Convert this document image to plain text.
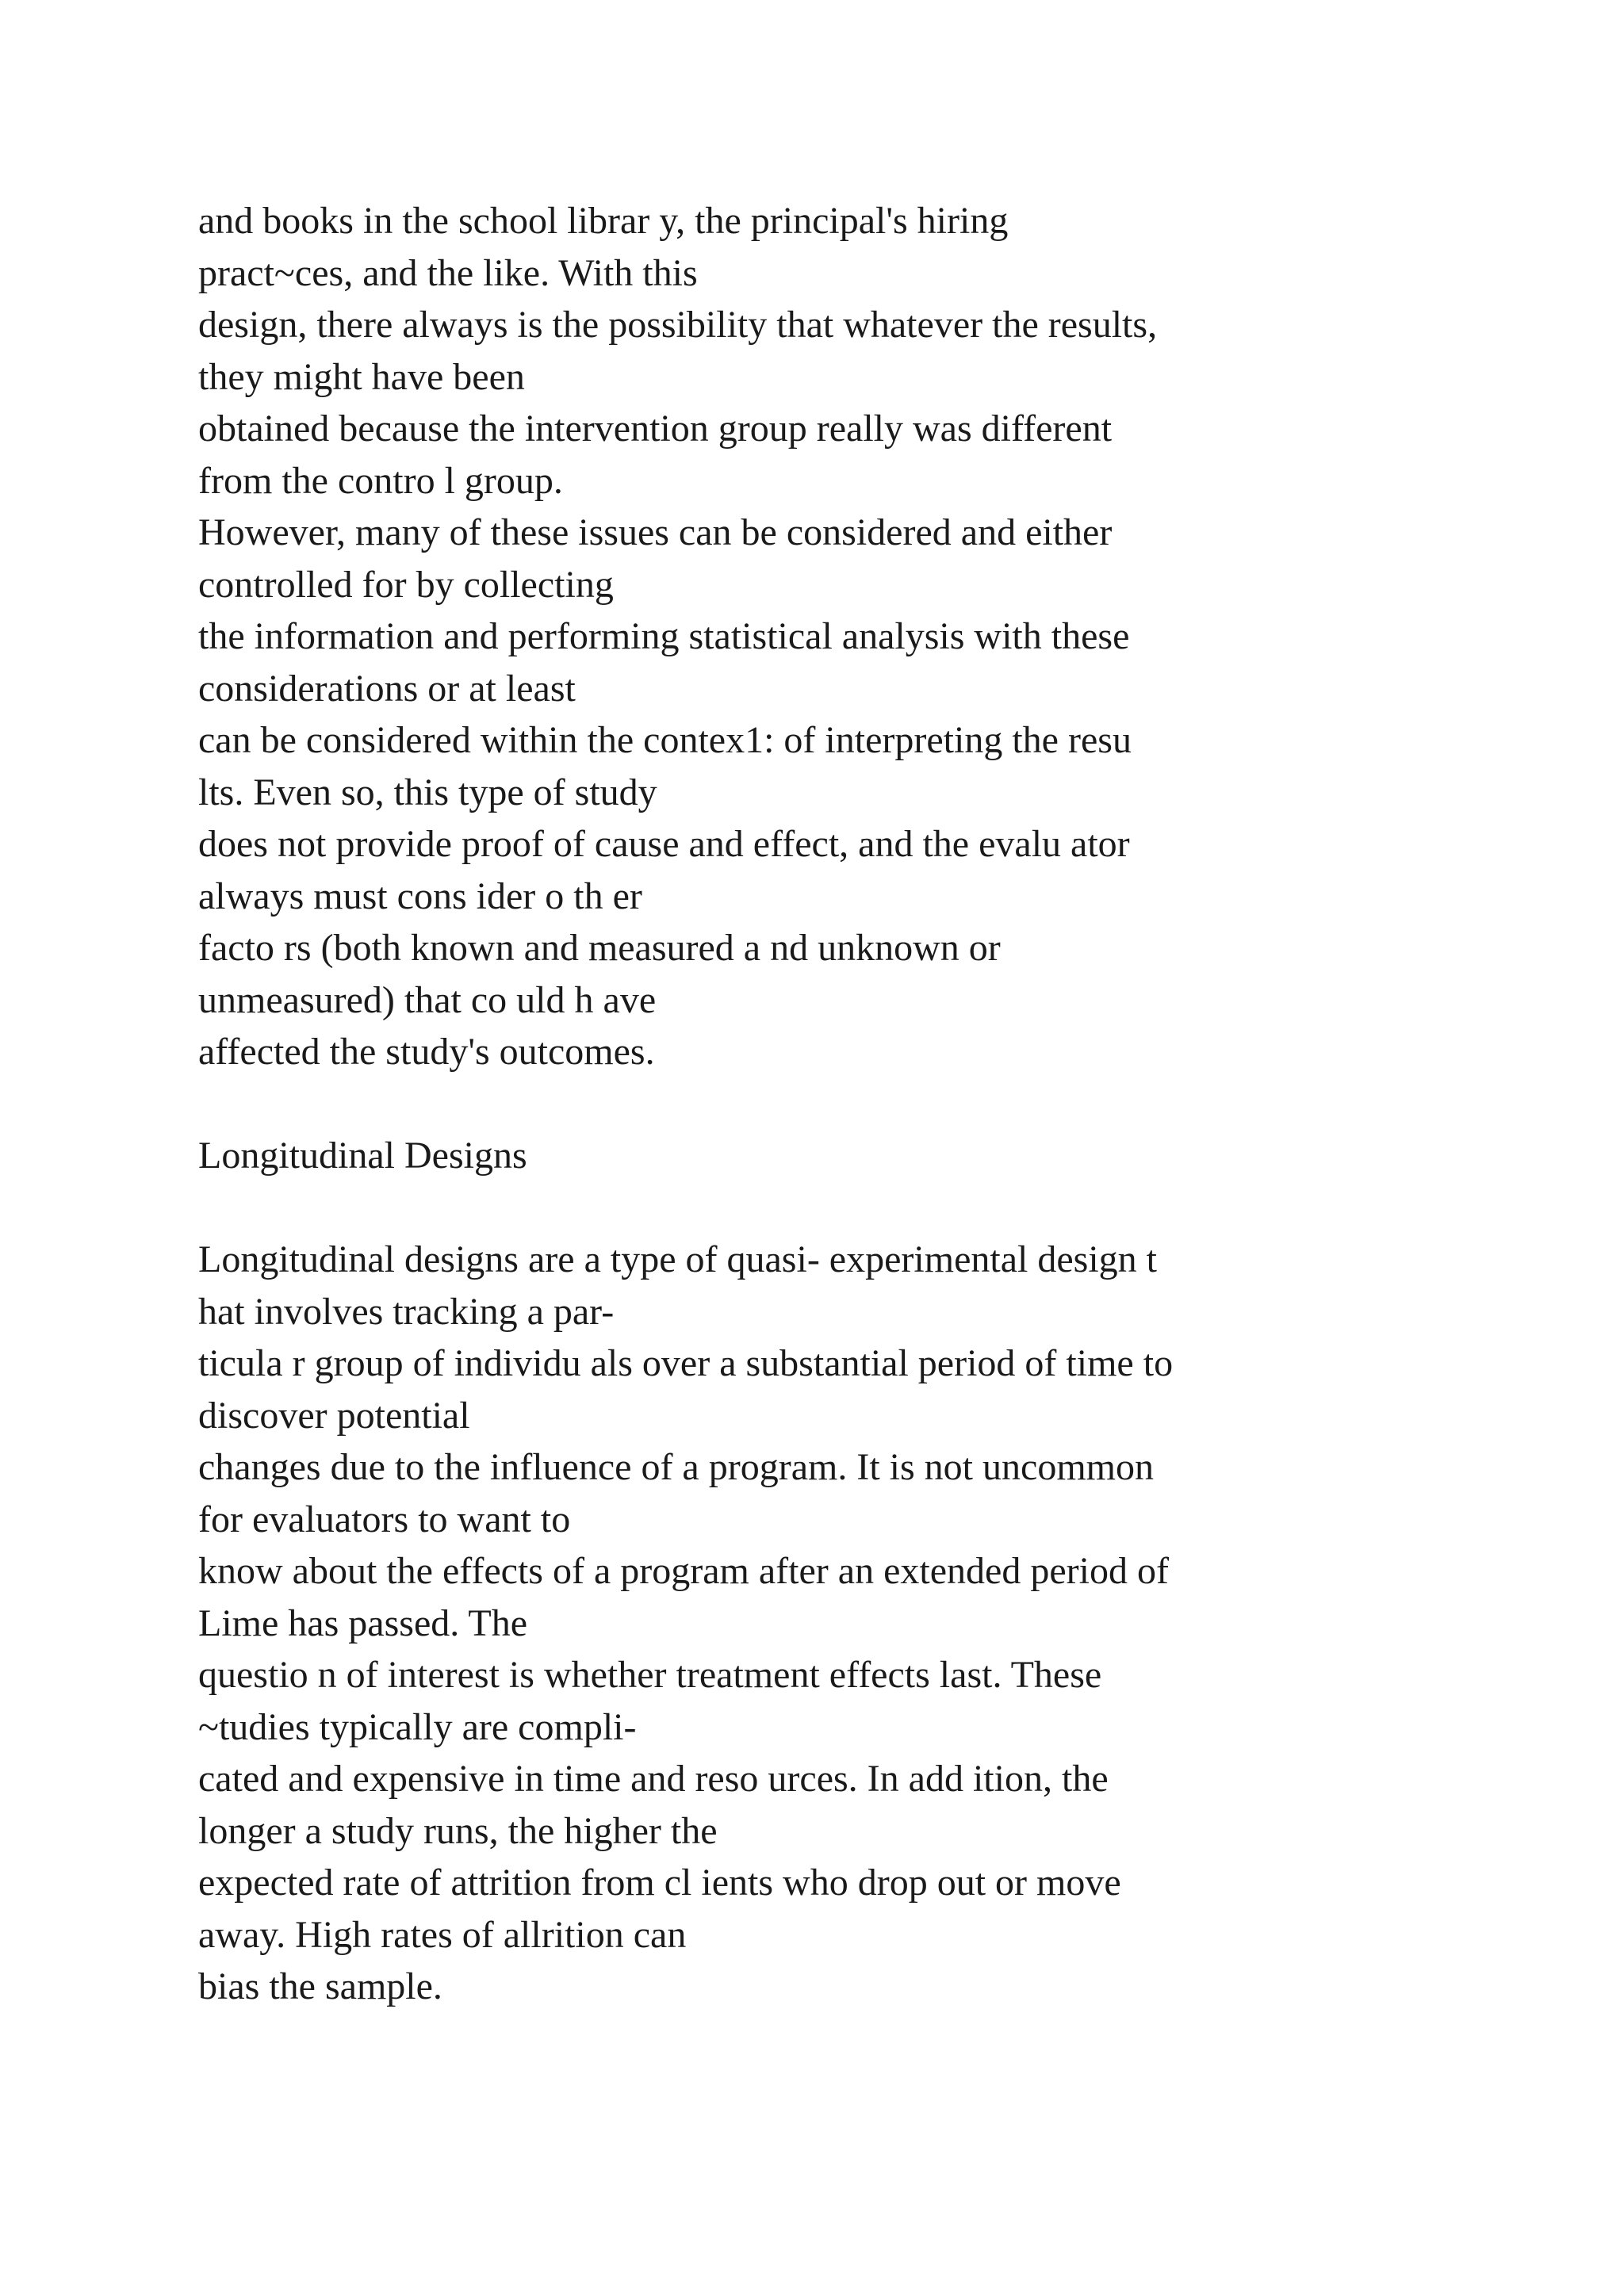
and books in the school librar y, the principal's hiring
pract~ces, and the like. With this
design, there always is the possibility that whatever the results,
they might have been
obtained because the intervention group really was different
from the contro l group.
However, many of these issues can be considered and either
controlled for by collecting
the information and performing statistical analysis with these
considerations or at least
can be considered within the contex1: of interpreting the resu
lts. Even so, this type of study
does not provide proof of cause and effect, and the evalu ator
always must cons ider o th er
facto rs (both known and measured a nd unknown or
unmeasured) that co uld h ave
affected the study's outcomes.
Longitudinal Designs
Longitudinal designs are a type of quasi- experimental design t
hat involves tracking a par-
ticula r group of individu als over a substantial period of time to
discover potential
changes due to the influence of a program. It is not uncommon
for evaluators to want to
know about the effects of a program after an extended period of
Lime has passed. The
questio n of interest is whether treatment effects last. These
~tudies typically are compli-
cated and expensive in time and reso urces. In add ition, the
longer a study runs, the higher the
expected rate of attrition from cl ients who drop out or move
away. High rates of allrition can
bias the sample.
